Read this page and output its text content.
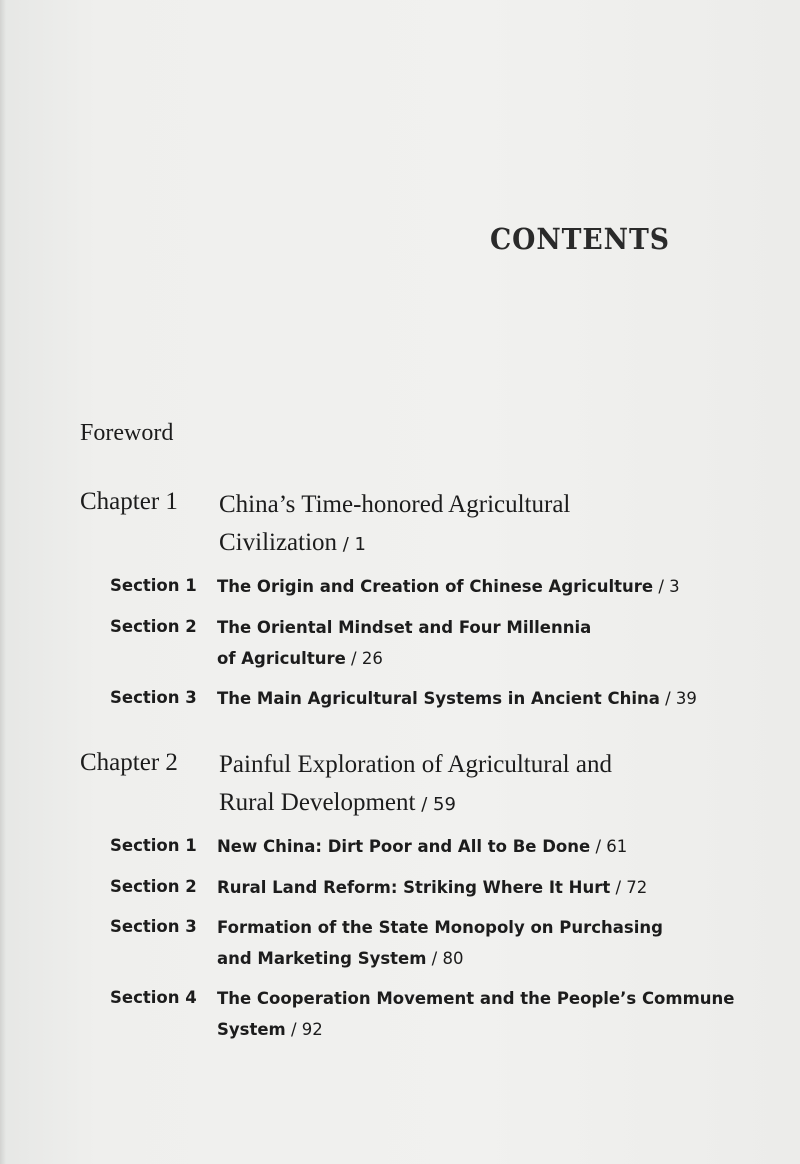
CONTENTS
Foreword
Chapter 1 China’s Time-honored Agricultural
Civilization / 1
Section 1 The Origin and Creation of Chinese Agriculture / 3
Section 2 The Oriental Mindset and Four Millennia
of Agriculture / 26
Section 3 The Main Agricultural Systems in Ancient China / 39
Chapter 2 Painful Exploration of Agricultural and
Rural Development / 59
Section 1 New China: Dirt Poor and All to Be Done / 61
Section 2 Rural Land Reform: Striking Where It Hurt / 72
Section 3 Formation of the State Monopoly on Purchasing
and Marketing System / 80
Section 4 The Cooperation Movement and the People’s Commune
System / 92
